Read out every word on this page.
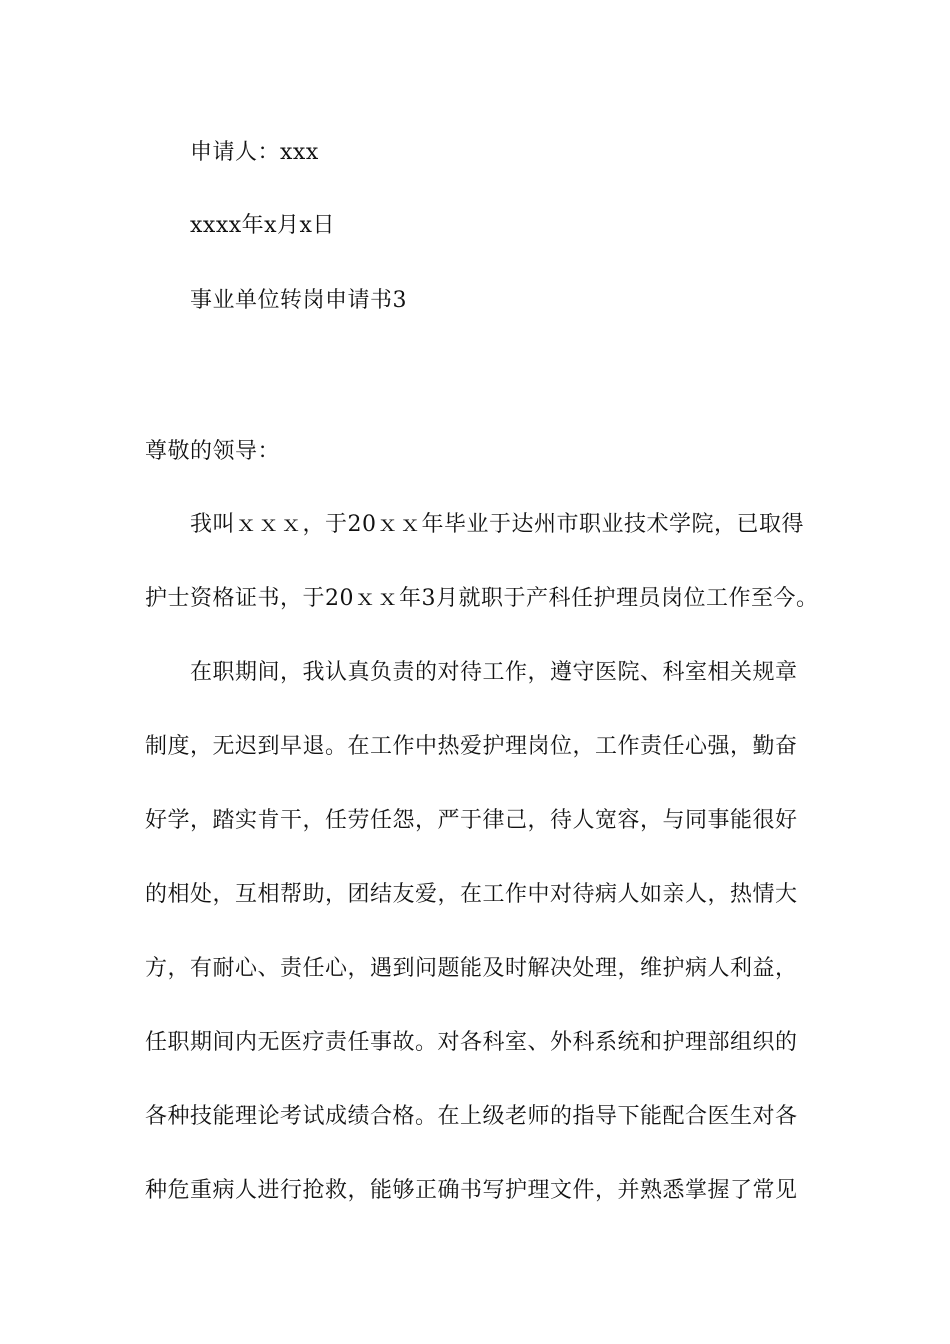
申请人：xxx
xxxx年x月x日
事业单位转岗申请书3
尊敬的领导：
我叫ｘｘｘ，于20ｘｘ年毕业于达州市职业技术学院，已取得
护士资格证书，于20ｘｘ年3月就职于产科任护理员岗位工作至今。
在职期间，我认真负责的对待工作，遵守医院、科室相关规章
制度，无迟到早退。在工作中热爱护理岗位，工作责任心强，勤奋
好学，踏实肯干，任劳任怨，严于律己，待人宽容，与同事能很好
的相处，互相帮助，团结友爱，在工作中对待病人如亲人，热情大
方，有耐心、责任心，遇到问题能及时解决处理，维护病人利益，
任职期间内无医疗责任事故。对各科室、外科系统和护理部组织的
各种技能理论考试成绩合格。在上级老师的指导下能配合医生对各
种危重病人进行抢救，能够正确书写护理文件，并熟悉掌握了常见
